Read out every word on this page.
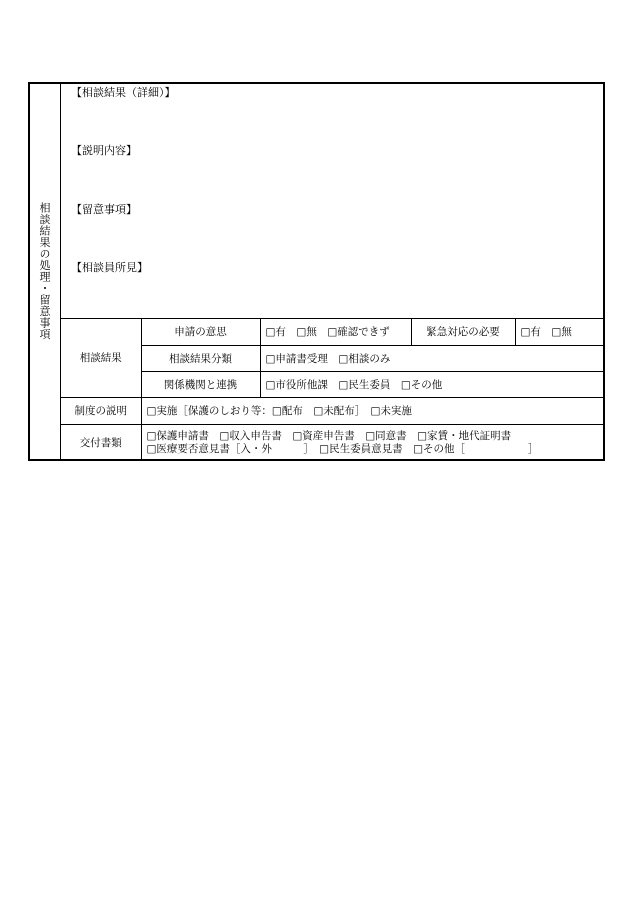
相談結果の処理・留意事項
【相談結果（詳細）】
【説明内容】
【留意事項】
【相談員所見】
相談結果	申請の意思	□有　□無　□確認できず	緊急対応の必要	□有　□無
	相談結果分類	□申請書受理　□相談のみ		
	関係機関と連携	□市役所他課　□民生委員　□その他		
制度の説明	□実施［保護のしおり等：□配布　□未配布］　□未実施			
交付書類	□保護申請書　□収入申告書　□資産申告書　□同意書　□家賃・地代証明書
□医療要否意見書［入・外　　　］　□民生委員意見書　□その他［　　　　　　］			
